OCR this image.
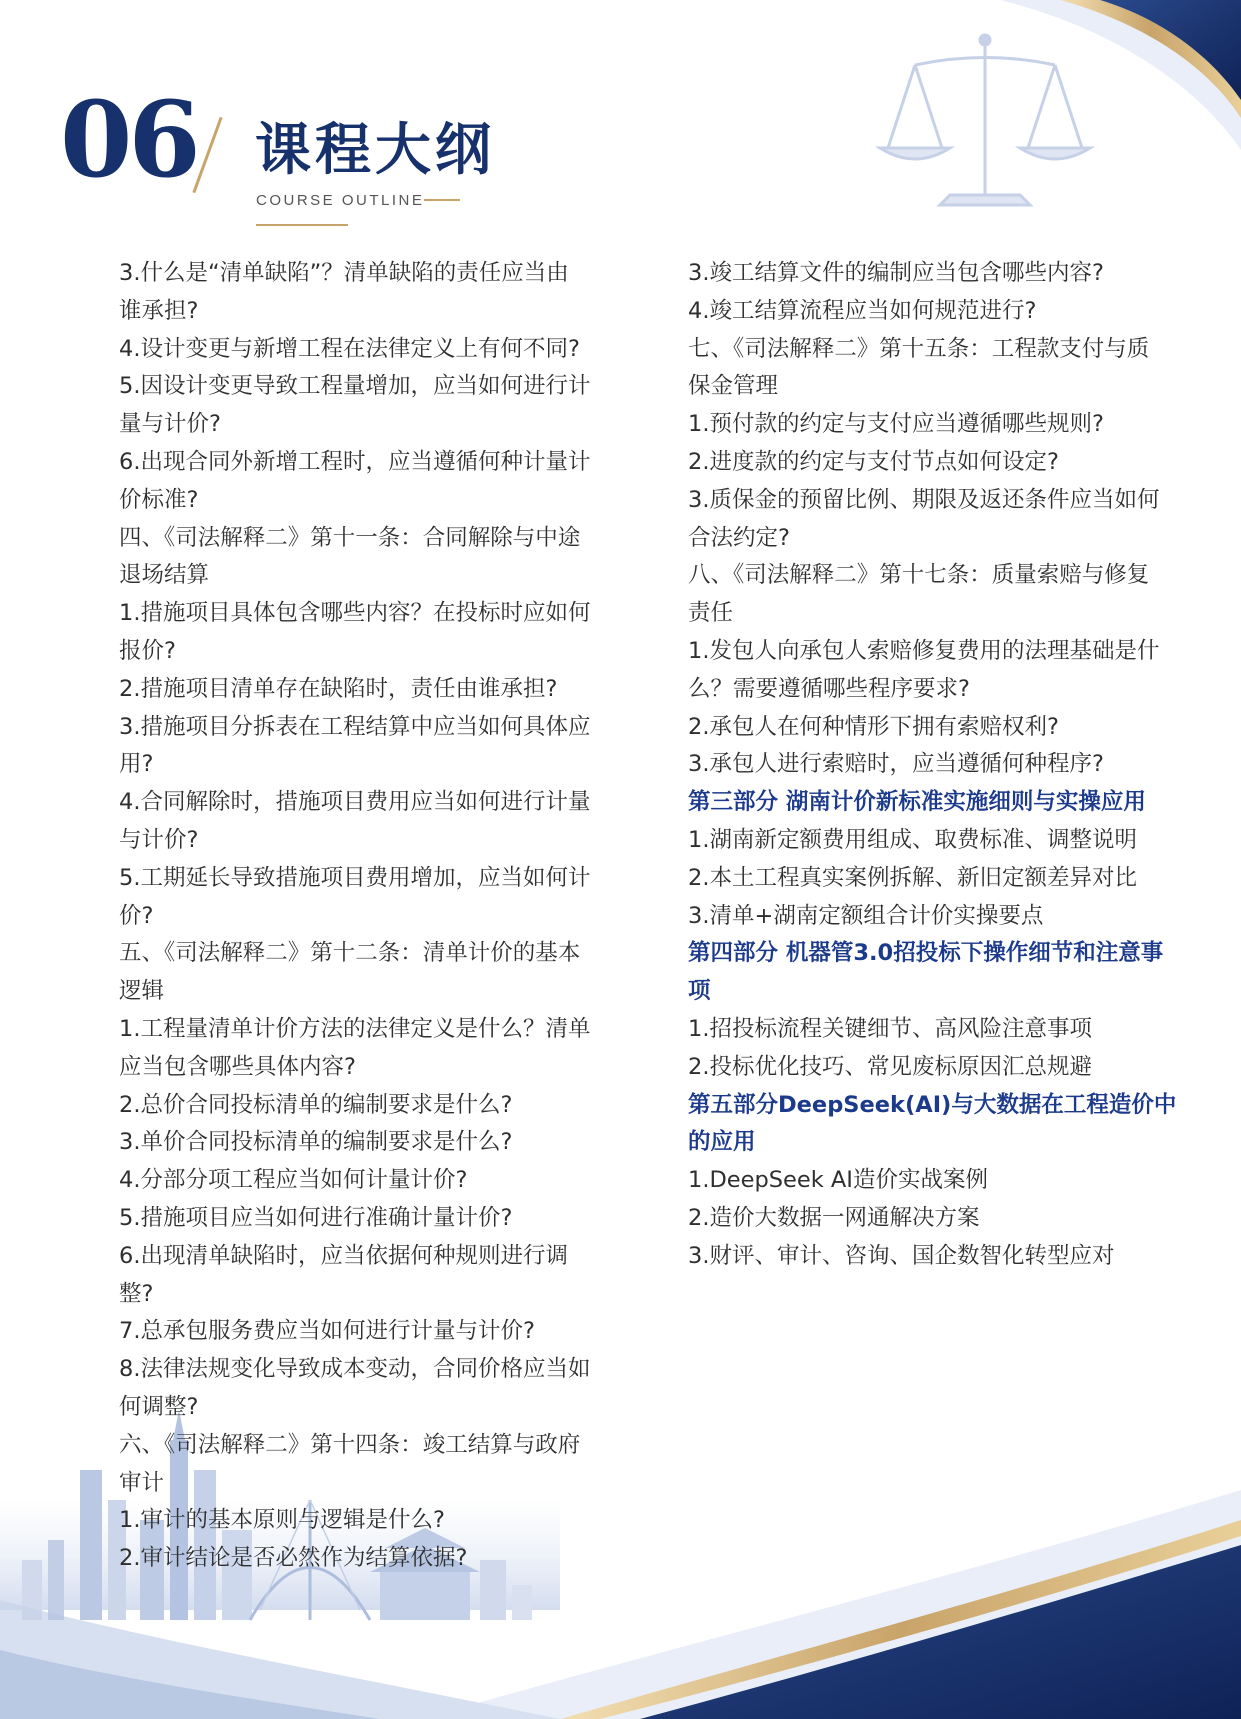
06 课程大纲
COURSE OUTLINE
3.什么是“清单缺陷”？清单缺陷的责任应当由
谁承担?
4.设计变更与新增工程在法律定义上有何不同?
5.因设计变更导致工程量增加，应当如何进行计
量与计价?
6.出现合同外新增工程时，应当遵循何种计量计
价标准?
四、《司法解释二》第十一条：合同解除与中途
退场结算
1.措施项目具体包含哪些内容？在投标时应如何
报价?
2.措施项目清单存在缺陷时，责任由谁承担?
3.措施项目分拆表在工程结算中应当如何具体应
用?
4.合同解除时，措施项目费用应当如何进行计量
与计价?
5.工期延长导致措施项目费用增加，应当如何计
价?
五、《司法解释二》第十二条：清单计价的基本
逻辑
1.工程量清单计价方法的法律定义是什么？清单
应当包含哪些具体内容?
2.总价合同投标清单的编制要求是什么?
3.单价合同投标清单的编制要求是什么?
4.分部分项工程应当如何计量计价?
5.措施项目应当如何进行准确计量计价?
6.出现清单缺陷时，应当依据何种规则进行调
整?
7.总承包服务费应当如何进行计量与计价?
8.法律法规变化导致成本变动，合同价格应当如
何调整?
六、《司法解释二》第十四条：竣工结算与政府
审计
1.审计的基本原则与逻辑是什么?
2.审计结论是否必然作为结算依据?
3.竣工结算文件的编制应当包含哪些内容?
4.竣工结算流程应当如何规范进行?
七、《司法解释二》第十五条：工程款支付与质
保金管理
1.预付款的约定与支付应当遵循哪些规则?
2.进度款的约定与支付节点如何设定?
3.质保金的预留比例、期限及返还条件应当如何
合法约定?
八、《司法解释二》第十七条：质量索赔与修复
责任
1.发包人向承包人索赔修复费用的法理基础是什
么？需要遵循哪些程序要求?
2.承包人在何种情形下拥有索赔权利?
3.承包人进行索赔时，应当遵循何种程序?
第三部分 湖南计价新标准实施细则与实操应用
1.湖南新定额费用组成、取费标准、调整说明
2.本土工程真实案例拆解、新旧定额差异对比
3.清单+湖南定额组合计价实操要点
第四部分 机器管3.0招投标下操作细节和注意事
项
1.招投标流程关键细节、高风险注意事项
2.投标优化技巧、常见废标原因汇总规避
第五部分DeepSeek(AI)与大数据在工程造价中
的应用
1.DeepSeek AI造价实战案例
2.造价大数据一网通解决方案
3.财评、审计、咨询、国企数智化转型应对
